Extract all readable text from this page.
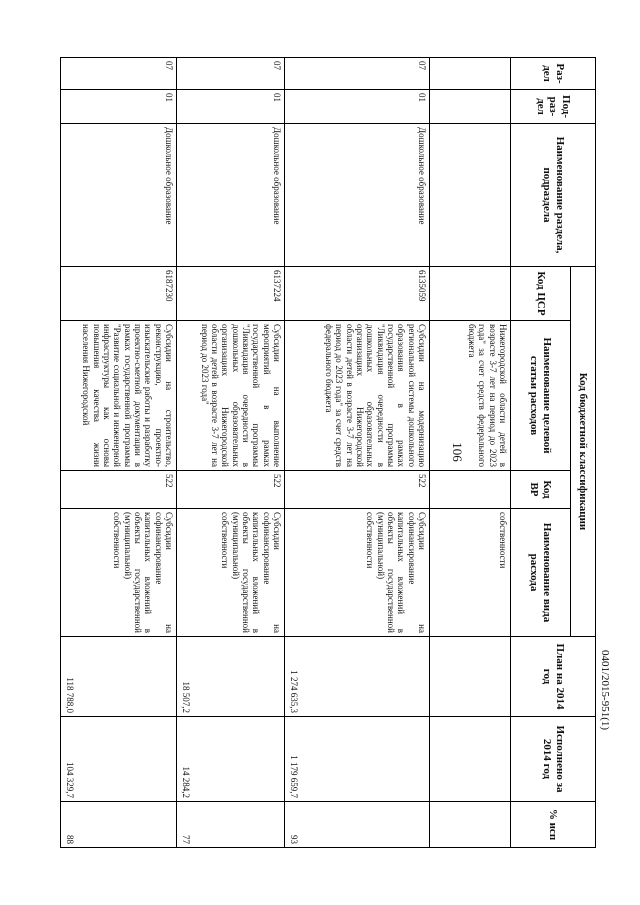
106
0401/2015-951(1)
Раз-дел	Под-раз-дел	Наименование раздела, подраздела	Код бюджетной классификации				План на 2014 год	Исполнено за 2014 год	% исп
			Код ЦСР	Наименование целевой статьи расходов	Код ВР	Наименование вида расхода			
				Нижегородской области детей в возрасте 3-7 лет на период до 2023 года" за счет средств федерального бюджета		собственности			
07	01	Дошкольное образование	6135059	Субсидии на модернизацию региональной системы дошкольного образования в рамках государственной программы "Ликвидация очередности в дошкольных образовательных организациях Нижегородской области детей в возрасте 3-7 лет на период до 2023 года" за счет средств федерального бюджета	522	Субсидии на софинансирование капитальных вложений в объекты государственной (муниципальной) собственности	1 274 635,3	1 179 659,7	93
07	01	Дошкольное образование	6137224	Субсидии на выполнение мероприятий в рамках государственной программы "Ликвидация очередности в дошкольных образовательных организациях Нижегородской области детей в возрасте 3-7 лет на период до 2023 года"	522	Субсидии на софинансирование капитальных вложений в объекты государственной (муниципальной) собственности	18 507,2	14 284,2	77
07	01	Дошкольное образование	6187230	Субсидии на строительство, реконструкцию, проектно-изыскательские работы и разработку проектно-сметной документации в рамках государственной программы "Развитие социальной и инженерной инфраструктуры как основы повышения качества жизни населения Нижегородской	522	Субсидии на софинансирование капитальных вложений в объекты государственной (муниципальной) собственности	118 788,0	104 329,7	88
